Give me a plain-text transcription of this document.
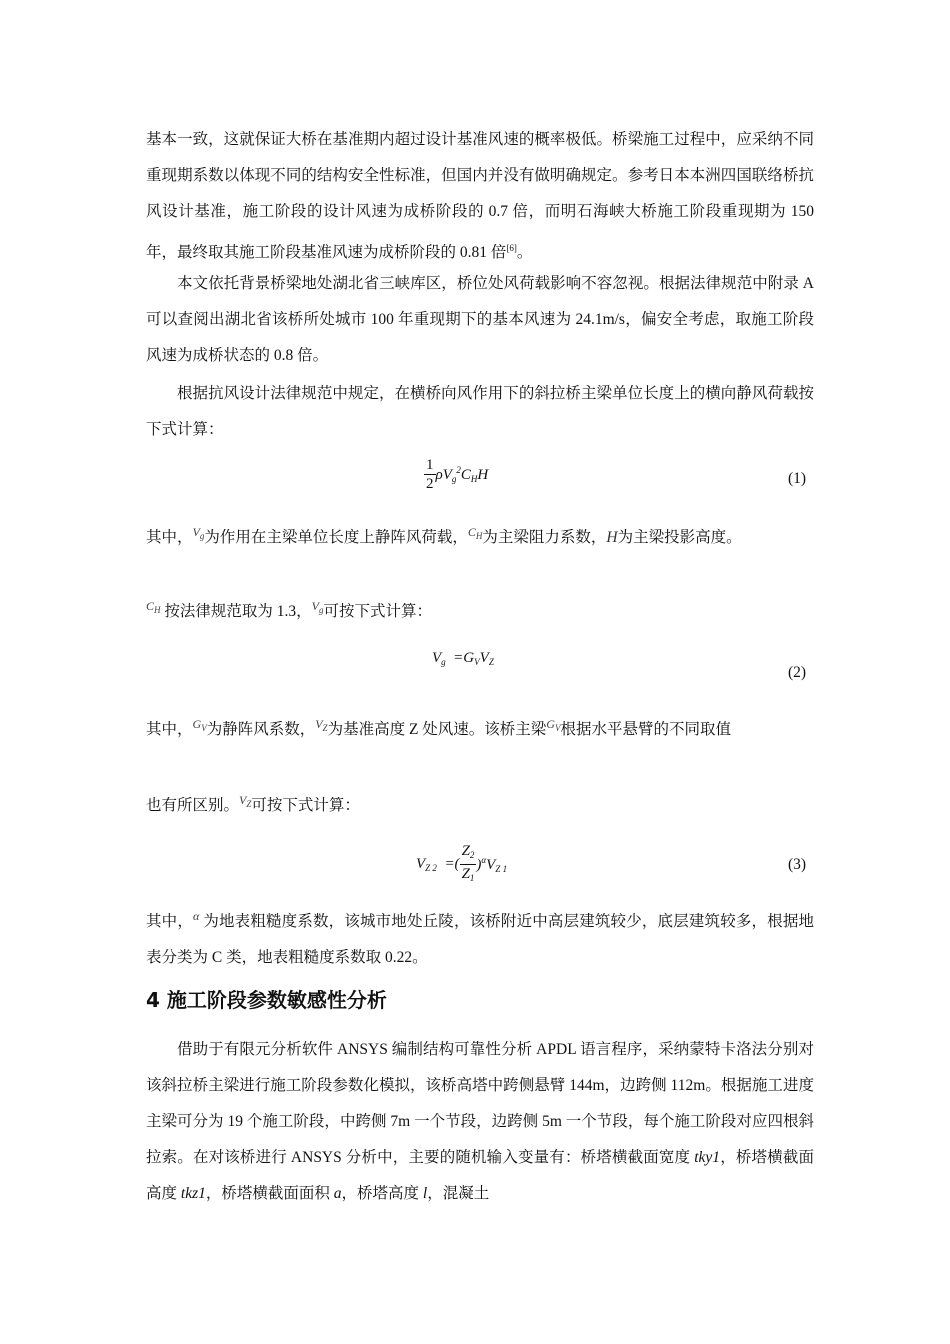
基本一致，这就保证大桥在基准期内超过设计基准风速的概率极低。桥梁施工过程中，应采纳不同重现期系数以体现不同的结构安全性标准，但国内并没有做明确规定。参考日本本洲四国联络桥抗风设计基准，施工阶段的设计风速为成桥阶段的 0.7 倍，而明石海峡大桥施工阶段重现期为 150 年，最终取其施工阶段基准风速为成桥阶段的 0.81 倍[6]。

本文依托背景桥梁地处湖北省三峡库区，桥位处风荷载影响不容忽视。根据法律规范中附录 A 可以查阅出湖北省该桥所处城市 100 年重现期下的基本风速为 24.1m/s，偏安全考虑，取施工阶段风速为成桥状态的 0.8 倍。

根据抗风设计法律规范中规定，在横桥向风作用下的斜拉桥主梁单位长度上的横向静风荷载按下式计算：

$\frac{1}{2} \rho V_g^2C_HH$	(1)

其中，$^{V_g}$为作用在主梁单位长度上静阵风荷载，$^{C_H}$为主梁阻力系数，H为主梁投影高度。

$^{C_H}$ 按法律规范取为 1.3，$^{V_g}$可按下式计算：

$V_g =G_VV_Z$
(2)

其中，$^{G_V}$为静阵风系数，$^{V_Z}$为基准高度 Z 处风速。该桥主梁$^{G_V}$根据水平悬臂的不同取值

也有所区别。$^{V_Z}$可按下式计算：

$V_{Z 2}$  =( $\frac{Z_2}{Z_1} )^\alpha V_{Z 1}$	(3)

其中，$^\alpha$ 为地表粗糙度系数，该城市地处丘陵，该桥附近中高层建筑较少，底层建筑较多，根据地表分类为 C 类，地表粗糙度系数取 0.22。

4 施工阶段参数敏感性分析

借助于有限元分析软件 ANSYS 编制结构可靠性分析 APDL 语言程序，采纳蒙特卡洛法分别对该斜拉桥主梁进行施工阶段参数化模拟，该桥高塔中跨侧悬臂 144m，边跨侧 112m。根据施工进度主梁可分为 19 个施工阶段，中跨侧 7m 一个节段，边跨侧 5m 一个节段，每个施工阶段对应四根斜拉索。在对该桥进行 ANSYS 分析中，主要的随机输入变量有：桥塔横截面宽度 tky1，桥塔横截面高度 tkz1，桥塔横截面面积 a，桥塔高度 l，混凝土
